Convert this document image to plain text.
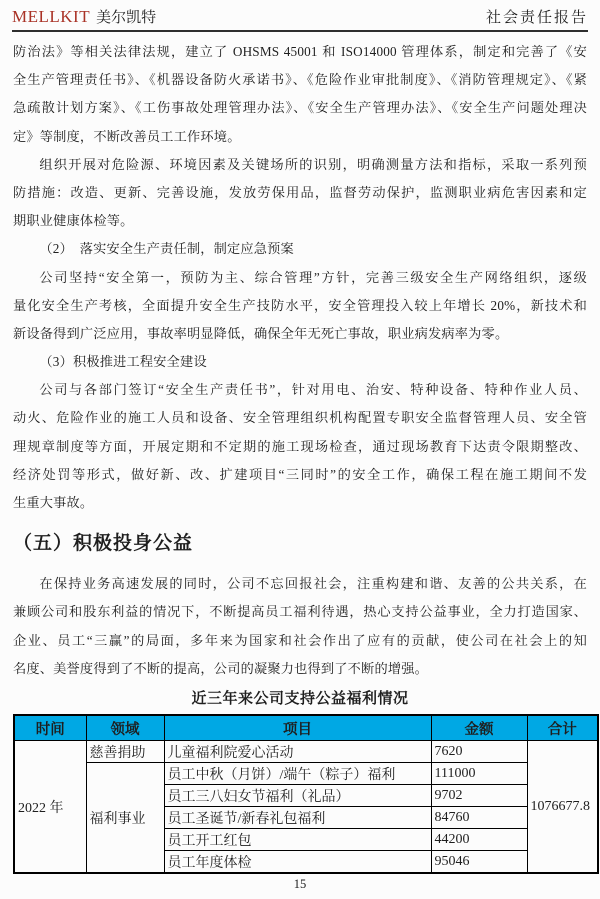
MELLKIT 美尔凯特	社会责任报告
防治法》等相关法律法规，建立了 OHSMS 45001 和 ISO14000 管理体系，制定和完善了《安
全生产管理责任书》、《机器设备防火承诺书》、《危险作业审批制度》、《消防管理规定》、《紧
急疏散计划方案》、《工伤事故处理管理办法》、《安全生产管理办法》、《安全生产问题处理决
定》等制度，不断改善员工工作环境。
组织开展对危险源、环境因素及关键场所的识别，明确测量方法和指标，采取一系列预
防措施：改造、更新、完善设施，发放劳保用品，监督劳动保护，监测职业病危害因素和定
期职业健康体检等。
（2）　落实安全生产责任制，制定应急预案
公司坚持“安全第一，预防为主、综合管理”方针，完善三级安全生产网络组织，逐级
量化安全生产考核，全面提升安全生产技防水平，安全管理投入较上年增长 20%，新技术和
新设备得到广泛应用，事故率明显降低，确保全年无死亡事故，职业病发病率为零。
（3）积极推进工程安全建设
公司与各部门签订“安全生产责任书”，针对用电、治安、特种设备、特种作业人员、
动火、危险作业的施工人员和设备、安全管理组织机构配置专职安全监督管理人员、安全管
理规章制度等方面，开展定期和不定期的施工现场检查，通过现场教育下达责令限期整改、
经济处罚等形式，做好新、改、扩建项目“三同时”的安全工作，确保工程在施工期间不发
生重大事故。
（五）积极投身公益
在保持业务高速发展的同时，公司不忘回报社会，注重构建和谐、友善的公共关系，在
兼顾公司和股东利益的情况下，不断提高员工福利待遇，热心支持公益事业，全力打造国家、
企业、员工“三赢”的局面，多年来为国家和社会作出了应有的贡献，使公司在社会上的知
名度、美誉度得到了不断的提高，公司的凝聚力也得到了不断的增强。
近三年来公司支持公益福利情况
时间	领域	项目	金额	合计
2022 年	慈善捐助	儿童福利院爱心活动	7620	1076677.8
	福利事业	员工中秋（月饼）/端午（粽子）福利	111000	
		员工三八妇女节福利（礼品）	9702	
		员工圣诞节/新春礼包福利	84760	
		员工开工红包	44200	
		员工年度体检	95046	
15
